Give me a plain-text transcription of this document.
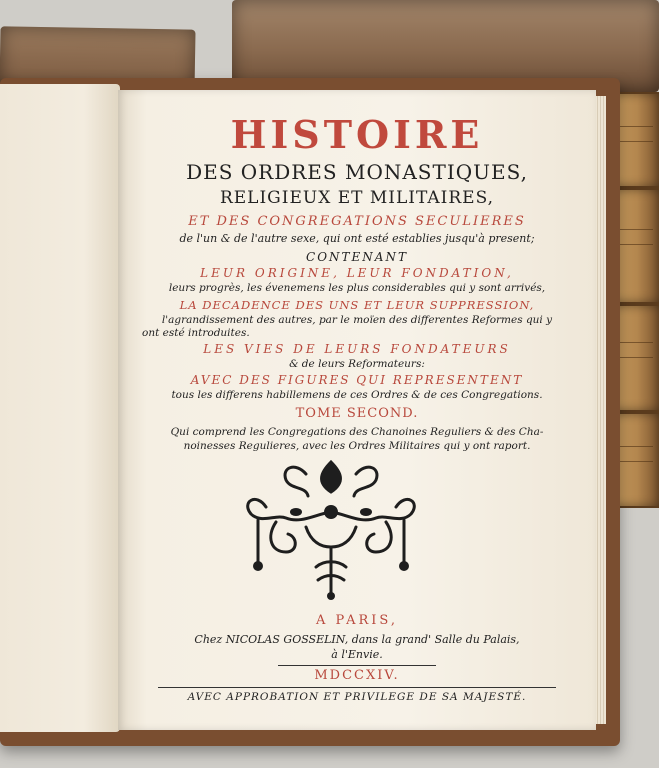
HISTOIRE
DES ORDRES MONASTIQUES,
RELIGIEUX ET MILITAIRES,
ET DES CONGREGATIONS SECULIERES
de l'un & de l'autre sexe, qui ont esté establies jusqu'à present;
CONTENANT
LEUR ORIGINE, LEUR FONDATION,
leurs progrès, les évenemens les plus considerables qui y sont arrivés,
LA DECADENCE DES UNS ET LEUR SUPPRESSION,
l'agrandissement des autres, par le moïen des differentes Reformes qui y
ont esté introduites.
LES VIES DE LEURS FONDATEURS
& de leurs Reformateurs:
AVEC DES FIGURES QUI REPRESENTENT
tous les differens habillemens de ces Ordres & de ces Congregations.
TOME SECOND.
Qui comprend les Congregations des Chanoines Reguliers & des Cha-
noinesses Regulieres, avec les Ordres Militaires qui y ont raport.
A PARIS,
Chez NICOLAS GOSSELIN, dans la grand' Salle du Palais,
à l'Envie.
MDCCXIV.
AVEC APPROBATION ET PRIVILEGE DE SA MAJESTÉ.
